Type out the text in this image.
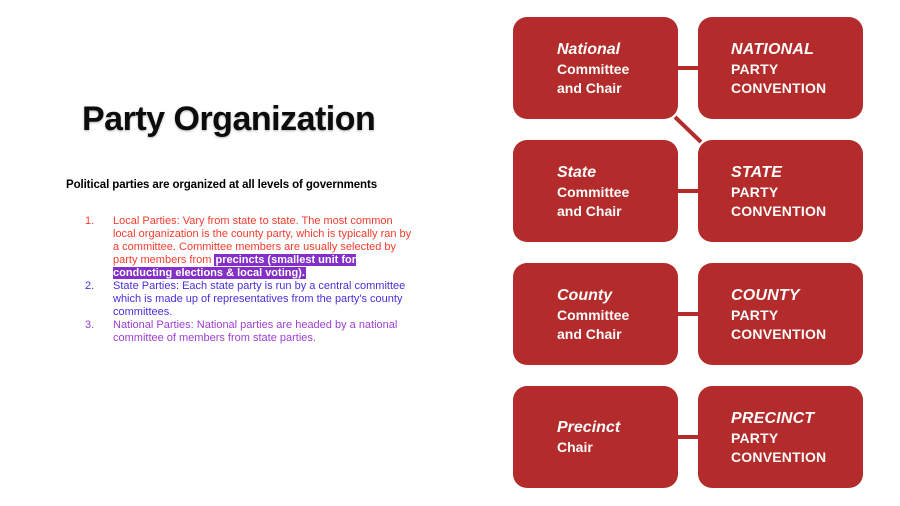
Party Organization
Political parties are organized at all levels of governments
1. Local Parties: Vary from state to state. The most common local organization is the county party, which is typically ran by a committee. Committee members are usually selected by party members from precincts (smallest unit for conducting elections & local voting).
2. State Parties: Each state party is run by a central committee which is made up of representatives from the party's county committees.
3. National Parties: National parties are headed by a national committee of members from state parties.
National
Committee
and Chair
NATIONAL
PARTY
CONVENTION
State
Committee
and Chair
STATE
PARTY
CONVENTION
County
Committee
and Chair
COUNTY
PARTY
CONVENTION
Precinct
Chair
PRECINCT
PARTY
CONVENTION
